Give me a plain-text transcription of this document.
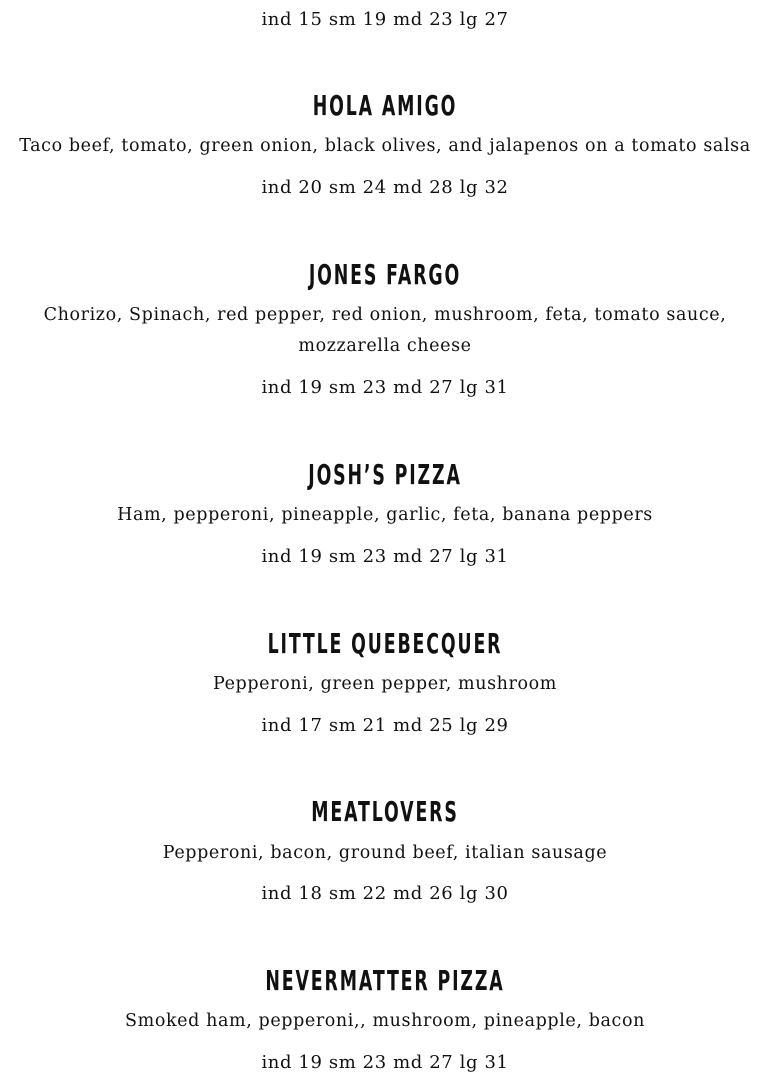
ind 15 sm 19 md 23 lg 27
HOLA AMIGO
Taco beef, tomato, green onion, black olives, and jalapenos on a tomato salsa
ind 20 sm 24 md 28 lg 32
JONES FARGO
Chorizo, Spinach, red pepper, red onion, mushroom, feta, tomato sauce, mozzarella cheese
ind 19 sm 23 md 27 lg 31
JOSH’S PIZZA
Ham, pepperoni, pineapple, garlic, feta, banana peppers
ind 19 sm 23 md 27 lg 31
LITTLE QUEBECQUER
Pepperoni, green pepper, mushroom
ind 17 sm 21 md 25 lg 29
MEATLOVERS
Pepperoni, bacon, ground beef, italian sausage
ind 18 sm 22 md 26 lg 30
NEVERMATTER PIZZA
Smoked ham, pepperoni,, mushroom, pineapple, bacon
ind 19 sm 23 md 27 lg 31
